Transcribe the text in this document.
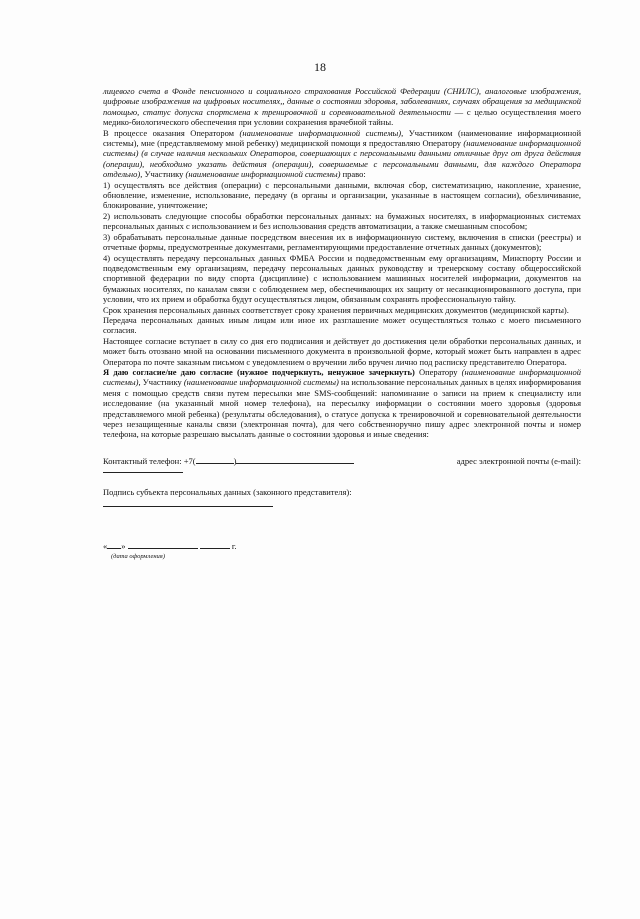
18

лицевого счета в Фонде пенсионного и социального страхования Российской Федерации (СНИЛС), аналоговые изображения, цифровые изображения на цифровых носителях,, данные о состоянии здоровья, заболеваниях, случаях обращения за медицинской помощью, статус допуска спортсмена к тренировочной и соревновательной деятельности — с целью осуществления моего медико-биологического обеспечения при условии сохранения врачебной тайны.

В процессе оказания Оператором (наименование информационной системы), Участником (наименование информационной системы), мне (представляемому мной ребенку) медицинской помощи я предоставляю Оператору (наименование информационной системы) (в случае наличия нескольких Операторов, совершающих с персональными данными отличные друг от друга действия (операции), необходимо указать действия (операции), совершаемые с персональными данными, для каждого Оператора отдельно), Участнику (наименование информационной системы) право:

1) осуществлять все действия (операции) с персональными данными, включая сбор, систематизацию, накопление, хранение, обновление, изменение, использование, передачу (в органы и организации, указанные в настоящем согласии), обезличивание, блокирование, уничтожение;

2) использовать следующие способы обработки персональных данных: на бумажных носителях, в информационных системах персональных данных с использованием и без использования средств автоматизации, а также смешанным способом;

3) обрабатывать персональные данные посредством внесения их в информационную систему, включения в списки (реестры) и отчетные формы, предусмотренные документами, регламентирующими предоставление отчетных данных (документов);

4) осуществлять передачу персональных данных ФМБА России и подведомственным ему организациям, Минспорту России и подведомственным ему организациям, передачу персональных данных руководству и тренерскому составу общероссийской спортивной федерации по виду спорта (дисциплине) с использованием машинных носителей информации, документов на бумажных носителях, по каналам связи с соблюдением мер, обеспечивающих их защиту от несанкционированного доступа, при условии, что их прием и обработка будут осуществляться лицом, обязанным сохранять профессиональную тайну.

Срок хранения персональных данных соответствует сроку хранения первичных медицинских документов (медицинской карты).

Передача персональных данных иным лицам или иное их разглашение может осуществляться только с моего письменного согласия.

Настоящее согласие вступает в силу со дня его подписания и действует до достижения цели обработки персональных данных, и может быть отозвано мной на основании письменного документа в произвольной форме, который может быть направлен в адрес Оператора по почте заказным письмом с уведомлением о вручении либо вручен лично под расписку представителю Оператора.

Я даю согласие/не даю согласие (нужное подчеркнуть, ненужное зачеркнуть) Оператору (наименование информационной системы), Участнику (наименование информационной системы) на использование персональных данных в целях информирования меня с помощью средств связи путем пересылки мне SMS-сообщений: напоминание о записи на прием к специалисту или исследование (на указанный мной номер телефона), на пересылку информации о состоянии моего здоровья (здоровья представляемого мной ребенка) (результаты обследования), о статусе допуска к тренировочной и соревновательной деятельности через незащищенные каналы связи (электронная почта), для чего собственноручно пишу адрес электронной почты и номер телефона, на которые разрешаю высылать данные о состоянии здоровья и иные сведения:

Контактный телефон: +7(	)	адрес электронной почты (e-mail):
Подпись субъекта персональных данных (законного представителя):
« »	г.
(дата оформления)
